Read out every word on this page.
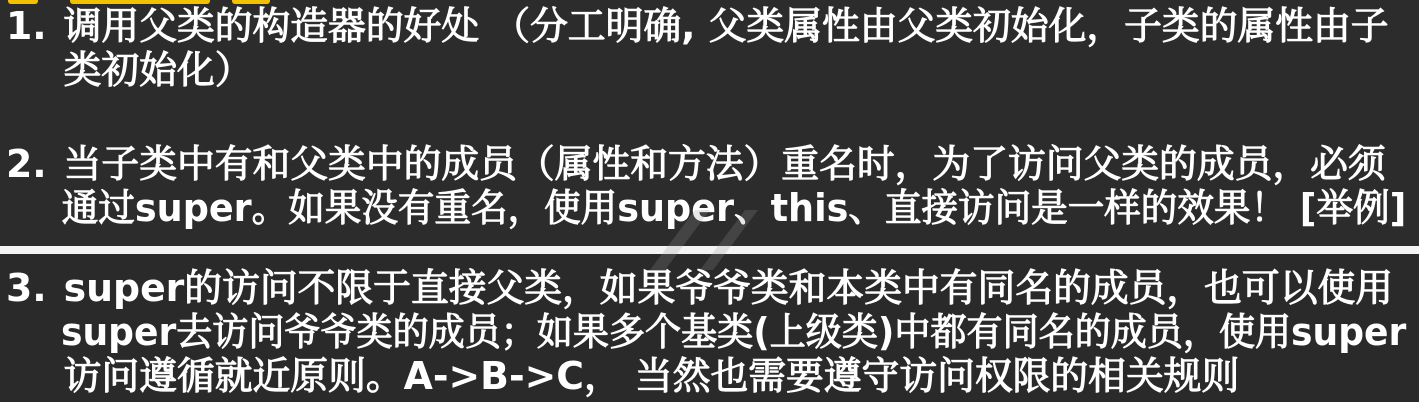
1. 调用父类的构造器的好处 （分工明确, 父类属性由父类初始化，子类的属性由子
类初始化）
2. 当子类中有和父类中的成员（属性和方法）重名时，为了访问父类的成员，必须
通过super。如果没有重名，使用super、this、直接访问是一样的效果！ [举例]
3. super的访问不限于直接父类，如果爷爷类和本类中有同名的成员，也可以使用
super去访问爷爷类的成员；如果多个基类(上级类)中都有同名的成员，使用super
访问遵循就近原则。A->B->C， 当然也需要遵守访问权限的相关规则
